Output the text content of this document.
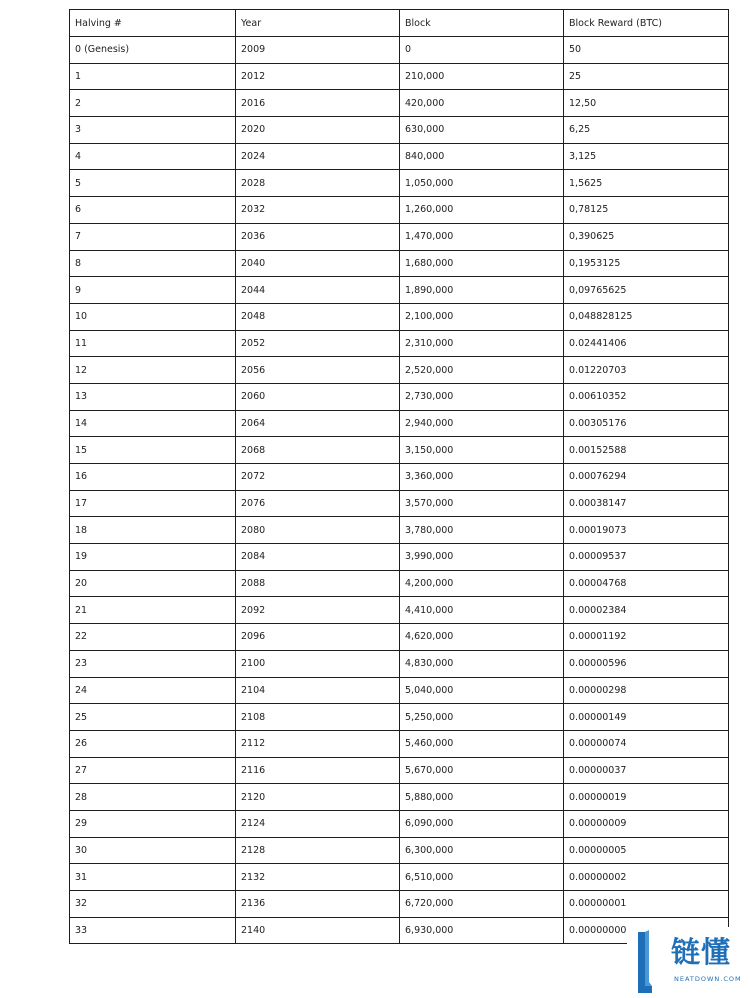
Halving #	Year	Block	Block Reward (BTC)
0 (Genesis)	2009	0	50
1	2012	210,000	25
2	2016	420,000	12,50
3	2020	630,000	6,25
4	2024	840,000	3,125
5	2028	1,050,000	1,5625
6	2032	1,260,000	0,78125
7	2036	1,470,000	0,390625
8	2040	1,680,000	0,1953125
9	2044	1,890,000	0,09765625
10	2048	2,100,000	0,048828125
11	2052	2,310,000	0.02441406
12	2056	2,520,000	0.01220703
13	2060	2,730,000	0.00610352
14	2064	2,940,000	0.00305176
15	2068	3,150,000	0.00152588
16	2072	3,360,000	0.00076294
17	2076	3,570,000	0.00038147
18	2080	3,780,000	0.00019073
19	2084	3,990,000	0.00009537
20	2088	4,200,000	0.00004768
21	2092	4,410,000	0.00002384
22	2096	4,620,000	0.00001192
23	2100	4,830,000	0.00000596
24	2104	5,040,000	0.00000298
25	2108	5,250,000	0.00000149
26	2112	5,460,000	0.00000074
27	2116	5,670,000	0.00000037
28	2120	5,880,000	0.00000019
29	2124	6,090,000	0.00000009
30	2128	6,300,000	0.00000005
31	2132	6,510,000	0.00000002
32	2136	6,720,000	0.00000001
33	2140	6,930,000	0.00000000
链懂
NEATDOWN.COM
